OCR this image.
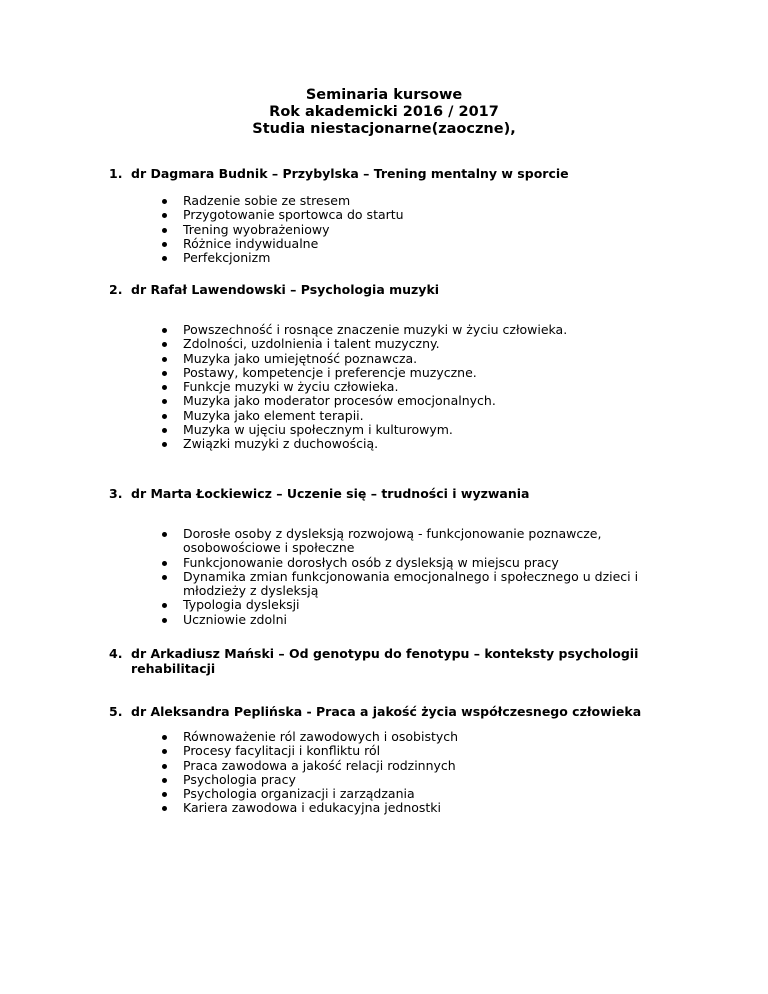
Seminaria kursowe
Rok akademicki 2016 / 2017
Studia niestacjonarne(zaoczne),
1. dr Dagmara Budnik – Przybylska – Trening mentalny w sporcie
Radzenie sobie ze stresem
Przygotowanie sportowca do startu
Trening wyobrażeniowy
Różnice indywidualne
Perfekcjonizm
2. dr Rafał Lawendowski – Psychologia muzyki
Powszechność i rosnące znaczenie muzyki w życiu człowieka.
Zdolności, uzdolnienia i talent muzyczny.
Muzyka jako umiejętność poznawcza.
Postawy, kompetencje i preferencje muzyczne.
Funkcje muzyki w życiu człowieka.
Muzyka jako moderator procesów emocjonalnych.
Muzyka jako element terapii.
Muzyka w ujęciu społecznym i kulturowym.
Związki muzyki z duchowością.
3. dr Marta Łockiewicz – Uczenie się – trudności i wyzwania
Dorosłe osoby z dysleksją rozwojową - funkcjonowanie poznawcze, osobowościowe i społeczne
Funkcjonowanie dorosłych osób z dysleksją w miejscu pracy
Dynamika zmian funkcjonowania emocjonalnego i społecznego u dzieci i młodzieży z dysleksją
Typologia dysleksji
Uczniowie zdolni
4. dr Arkadiusz Mański – Od genotypu do fenotypu – konteksty psychologii rehabilitacji
5. dr Aleksandra Peplińska - Praca a jakość życia współczesnego człowieka
Równoważenie ról zawodowych i osobistych
Procesy facylitacji i konfliktu ról
Praca zawodowa a jakość relacji rodzinnych
Psychologia pracy
Psychologia organizacji i zarządzania
Kariera zawodowa i edukacyjna jednostki
